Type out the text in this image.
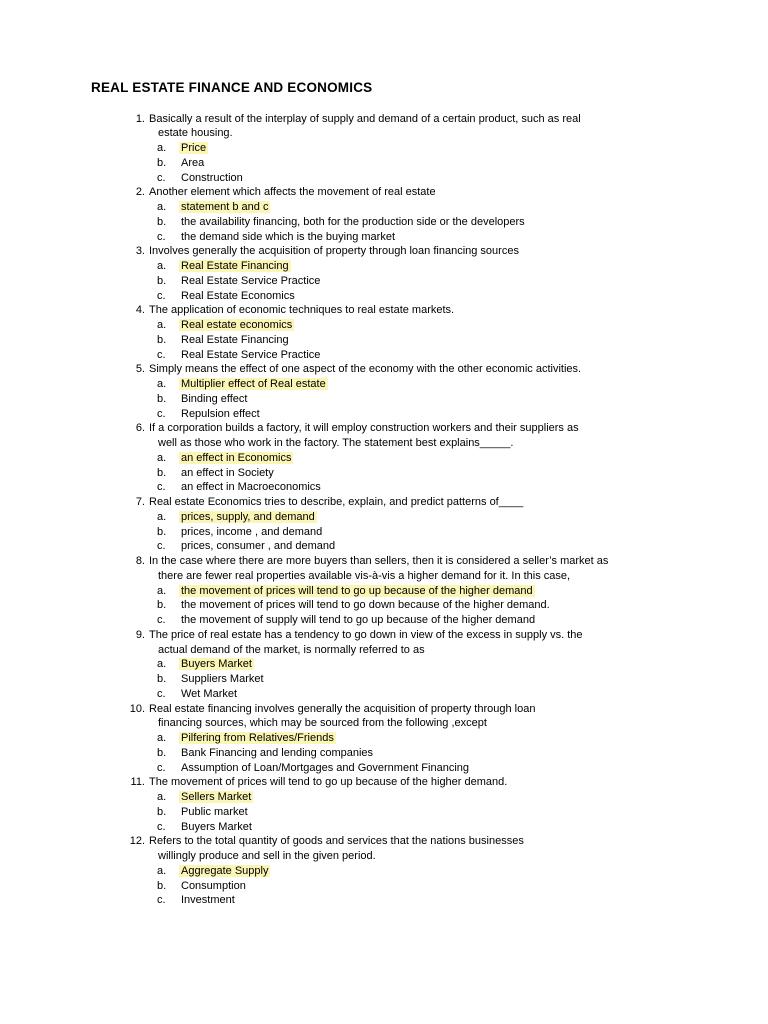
REAL ESTATE FINANCE AND ECONOMICS
1. Basically a result of the interplay of supply and demand of a certain product, such as real
estate housing.
a. Price
b. Area
c. Construction
2. Another element which affects the movement of real estate
a. statement b and c
b. the availability financing, both for the production side or the developers
c. the demand side which is the buying market
3. Involves generally the acquisition of property through loan financing sources
a. Real Estate Financing
b. Real Estate Service Practice
c. Real Estate Economics
4. The application of economic techniques to real estate markets.
a. Real estate economics
b. Real Estate Financing
c. Real Estate Service Practice
5. Simply means the effect of one aspect of the economy with the other economic activities.
a. Multiplier effect of Real estate
b. Binding effect
c. Repulsion effect
6. If a corporation builds a factory, it will employ construction workers and their suppliers as
well as those who work in the factory. The statement best explains_____.
a. an effect in Economics
b. an effect in Society
c. an effect in Macroeconomics
7. Real estate Economics tries to describe, explain, and predict patterns of____
a. prices, supply, and demand
b. prices, income , and demand
c. prices, consumer , and demand
8. In the case where there are more buyers than sellers, then it is considered a seller’s market as
there are fewer real properties available vis-à-vis a higher demand for it. In this case,
a. the movement of prices will tend to go up because of the higher demand
b. the movement of prices will tend to go down because of the higher demand.
c. the movement of supply will tend to go up because of the higher demand
9. The price of real estate has a tendency to go down in view of the excess in supply vs. the
actual demand of the market, is normally referred to as
a. Buyers Market
b. Suppliers Market
c. Wet Market
10. Real estate financing involves generally the acquisition of property through loan
financing sources, which may be sourced from the following ,except
a. Pilfering from Relatives/Friends
b. Bank Financing and lending companies
c. Assumption of Loan/Mortgages and Government Financing
11. The movement of prices will tend to go up because of the higher demand.
a. Sellers Market
b. Public market
c. Buyers Market
12. Refers to the total quantity of goods and services that the nations businesses
willingly produce and sell in the given period.
a. Aggregate Supply
b. Consumption
c. Investment
